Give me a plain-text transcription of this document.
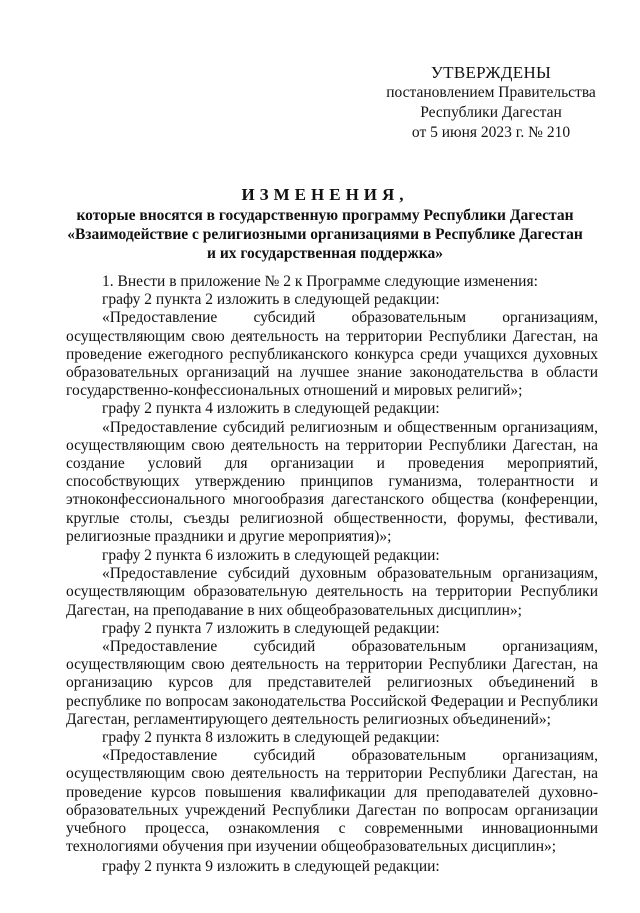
УТВЕРЖДЕНЫ
постановлением Правительства
Республики Дагестан
от 5 июня 2023 г. № 210
ИЗМЕНЕНИЯ,
которые вносятся в государственную программу Республики Дагестан
«Взаимодействие с религиозными организациями в Республике Дагестан
и их государственная поддержка»

1. Внести в приложение № 2 к Программе следующие изменения:

графу 2 пункта 2 изложить в следующей редакции:

«Предоставление субсидий образовательным организациям, осуществляющим свою деятельность на территории Республики Дагестан, на проведение ежегодного республиканского конкурса среди учащихся духовных образовательных организаций на лучшее знание законодательства в области государственно-конфессиональных отношений и мировых религий»;

графу 2 пункта 4 изложить в следующей редакции:

«Предоставление субсидий религиозным и общественным организациям, осуществляющим свою деятельность на территории Республики Дагестан, на создание условий для организации и проведения мероприятий, способствующих утверждению принципов гуманизма, толерантности и этноконфессионального многообразия дагестанского общества (конференции, круглые столы, съезды религиозной общественности, форумы, фестивали, религиозные праздники и другие мероприятия)»;

графу 2 пункта 6 изложить в следующей редакции:

«Предоставление субсидий духовным образовательным организациям, осуществляющим образовательную деятельность на территории Республики Дагестан, на преподавание в них общеобразовательных дисциплин»;

графу 2 пункта 7 изложить в следующей редакции:

«Предоставление субсидий образовательным организациям, осуществляющим свою деятельность на территории Республики Дагестан, на организацию курсов для представителей религиозных объединений в республике по вопросам законодательства Российской Федерации и Республики Дагестан, регламентирующего деятельность религиозных объединений»;

графу 2 пункта 8 изложить в следующей редакции:

«Предоставление субсидий образовательным организациям, осуществляющим свою деятельность на территории Республики Дагестан, на проведение курсов повышения квалификации для преподавателей духовно-образовательных учреждений Республики Дагестан по вопросам организации учебного процесса, ознакомления с современными инновационными технологиями обучения при изучении общеобразовательных дисциплин»;

графу 2 пункта 9 изложить в следующей редакции:
